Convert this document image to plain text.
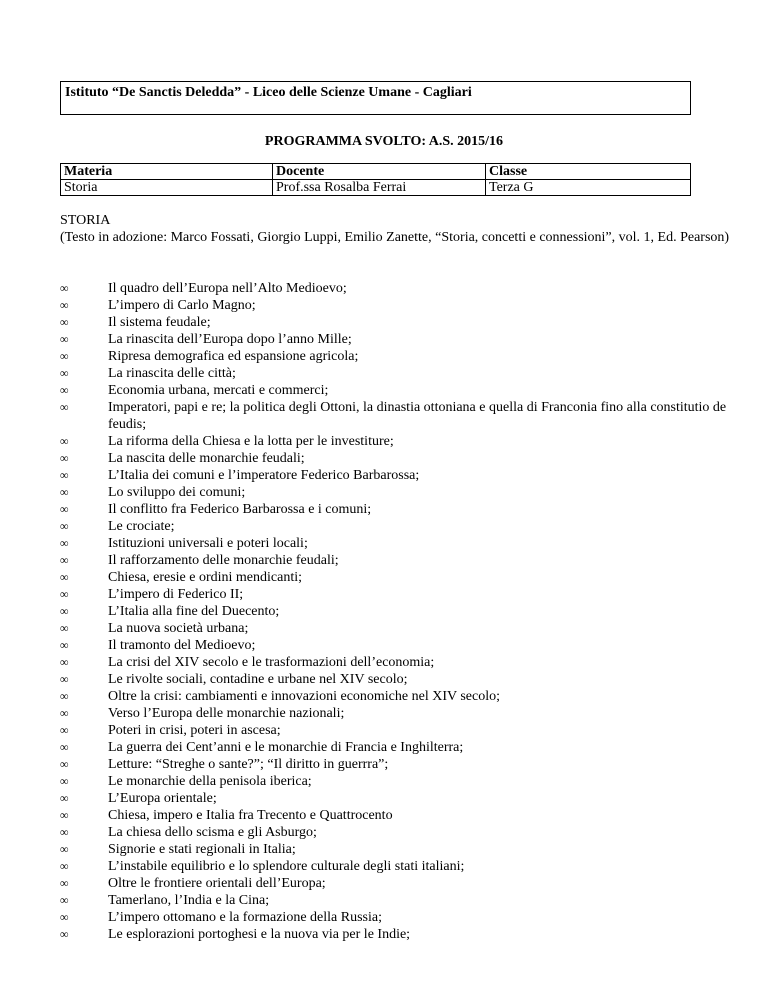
Istituto “De Sanctis Deledda” - Liceo delle Scienze Umane - Cagliari
PROGRAMMA SVOLTO: A.S. 2015/16
Materia	Docente	Classe
Storia	Prof.ssa Rosalba Ferrai	Terza G
STORIA

(Testo in adozione: Marco Fossati, Giorgio Luppi, Emilio Zanette, “Storia, concetti e connessioni”, vol. 1, Ed. Pearson)

∞	Il quadro dell’Europa nell’Alto Medioevo;
∞	L’impero di Carlo Magno;
∞	Il sistema feudale;
∞	La rinascita dell’Europa dopo l’anno Mille;
∞	Ripresa demografica ed espansione agricola;
∞	La rinascita delle città;
∞	Economia urbana, mercati e commerci;
∞	Imperatori, papi e re; la politica degli Ottoni, la dinastia ottoniana e quella di Franconia fino alla constitutio de feudis;
∞	La riforma della Chiesa e la lotta per le investiture;
∞	La nascita delle monarchie feudali;
∞	L’Italia dei comuni e l’imperatore Federico Barbarossa;
∞	Lo sviluppo dei comuni;
∞	Il conflitto fra Federico Barbarossa e i comuni;
∞	Le crociate;
∞	Istituzioni universali e poteri locali;
∞	Il rafforzamento delle monarchie feudali;
∞	Chiesa, eresie e ordini mendicanti;
∞	L’impero di Federico II;
∞	L’Italia alla fine del Duecento;
∞	La nuova società urbana;
∞	Il tramonto del Medioevo;
∞	La crisi del XIV secolo e le trasformazioni dell’economia;
∞	Le rivolte sociali, contadine e urbane nel XIV secolo;
∞	Oltre la crisi: cambiamenti e innovazioni economiche nel XIV secolo;
∞	Verso l’Europa delle monarchie nazionali;
∞	Poteri in crisi, poteri in ascesa;
∞	La guerra dei Cent’anni e le monarchie di Francia e Inghilterra;
∞	Letture: “Streghe o sante?”; “Il diritto in guerrra”;
∞	Le monarchie della penisola iberica;
∞	L’Europa orientale;
∞	Chiesa, impero e Italia fra Trecento e Quattrocento
∞	La chiesa dello scisma e gli Asburgo;
∞	Signorie e stati regionali in Italia;
∞	L’instabile equilibrio e lo splendore culturale degli stati italiani;
∞	Oltre le frontiere orientali dell’Europa;
∞	Tamerlano, l’India e la Cina;
∞	L’impero ottomano e la formazione della Russia;
∞	Le esplorazioni portoghesi e la nuova via per le Indie;
